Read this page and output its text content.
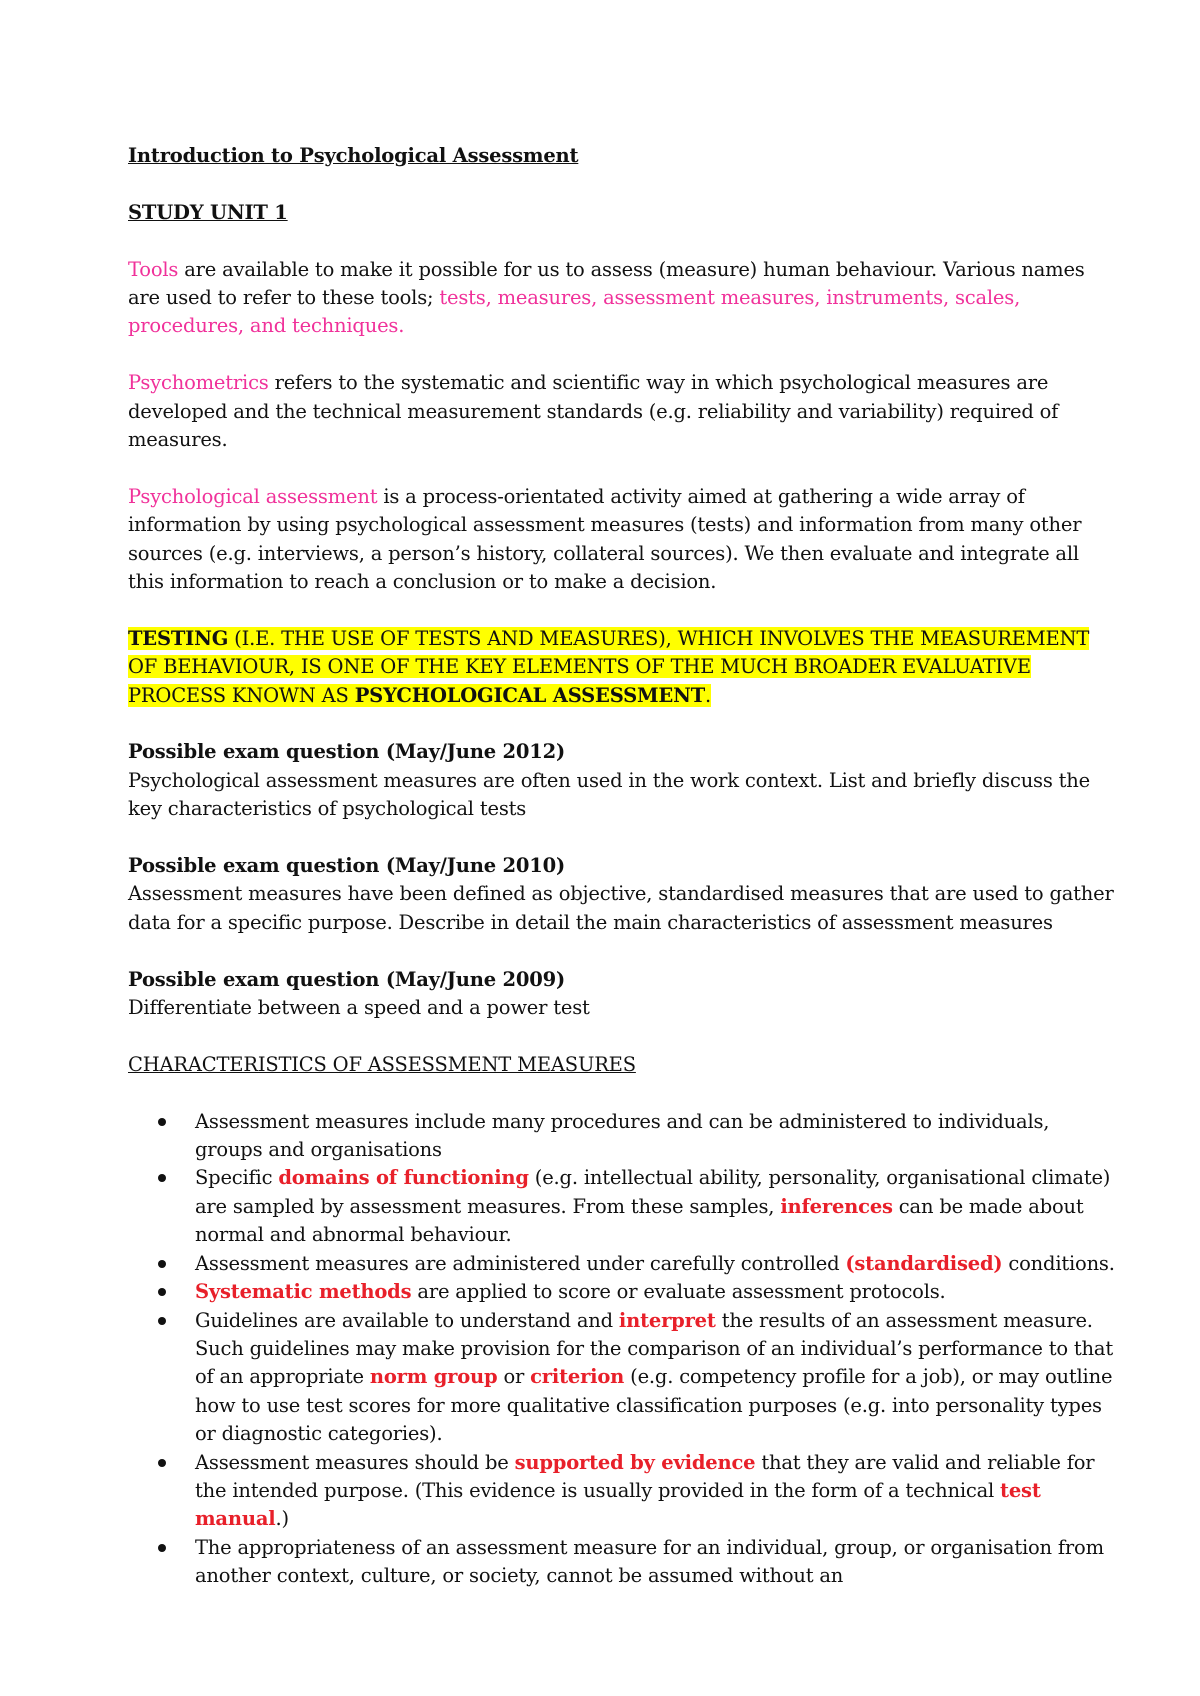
Introduction to Psychological Assessment

STUDY UNIT 1

Tools are available to make it possible for us to assess (measure) human behaviour. Various names are used to refer to these tools; tests, measures, assessment measures, instruments, scales, procedures, and techniques.

Psychometrics refers to the systematic and scientific way in which psychological measures are developed and the technical measurement standards (e.g. reliability and variability) required of measures.

Psychological assessment is a process-orientated activity aimed at gathering a wide array of information by using psychological assessment measures (tests) and information from many other sources (e.g. interviews, a person’s history, collateral sources). We then evaluate and integrate all this information to reach a conclusion or to make a decision.

TESTING (I.E. THE USE OF TESTS AND MEASURES), WHICH INVOLVES THE MEASUREMENT OF BEHAVIOUR, IS ONE OF THE KEY ELEMENTS OF THE MUCH BROADER EVALUATIVE PROCESS KNOWN AS PSYCHOLOGICAL ASSESSMENT.

Possible exam question (May/June 2012)

Psychological assessment measures are often used in the work context. List and briefly discuss the key characteristics of psychological tests

Possible exam question (May/June 2010)

Assessment measures have been defined as objective, standardised measures that are used to gather data for a specific purpose. Describe in detail the main characteristics of assessment measures

Possible exam question (May/June 2009)

Differentiate between a speed and a power test

CHARACTERISTICS OF ASSESSMENT MEASURES

Assessment measures include many procedures and can be administered to individuals, groups and organisations
Specific domains of functioning (e.g. intellectual ability, personality, organisational climate) are sampled by assessment measures. From these samples, inferences can be made about normal and abnormal behaviour.
Assessment measures are administered under carefully controlled (standardised) conditions.
Systematic methods are applied to score or evaluate assessment protocols.
Guidelines are available to understand and interpret the results of an assessment measure. Such guidelines may make provision for the comparison of an individual’s performance to that of an appropriate norm group or criterion (e.g. competency profile for a job), or may outline how to use test scores for more qualitative classification purposes (e.g. into personality types or diagnostic categories).
Assessment measures should be supported by evidence that they are valid and reliable for the intended purpose. (This evidence is usually provided in the form of a technical test manual.)
The appropriateness of an assessment measure for an individual, group, or organisation from another context, culture, or society, cannot be assumed without an
